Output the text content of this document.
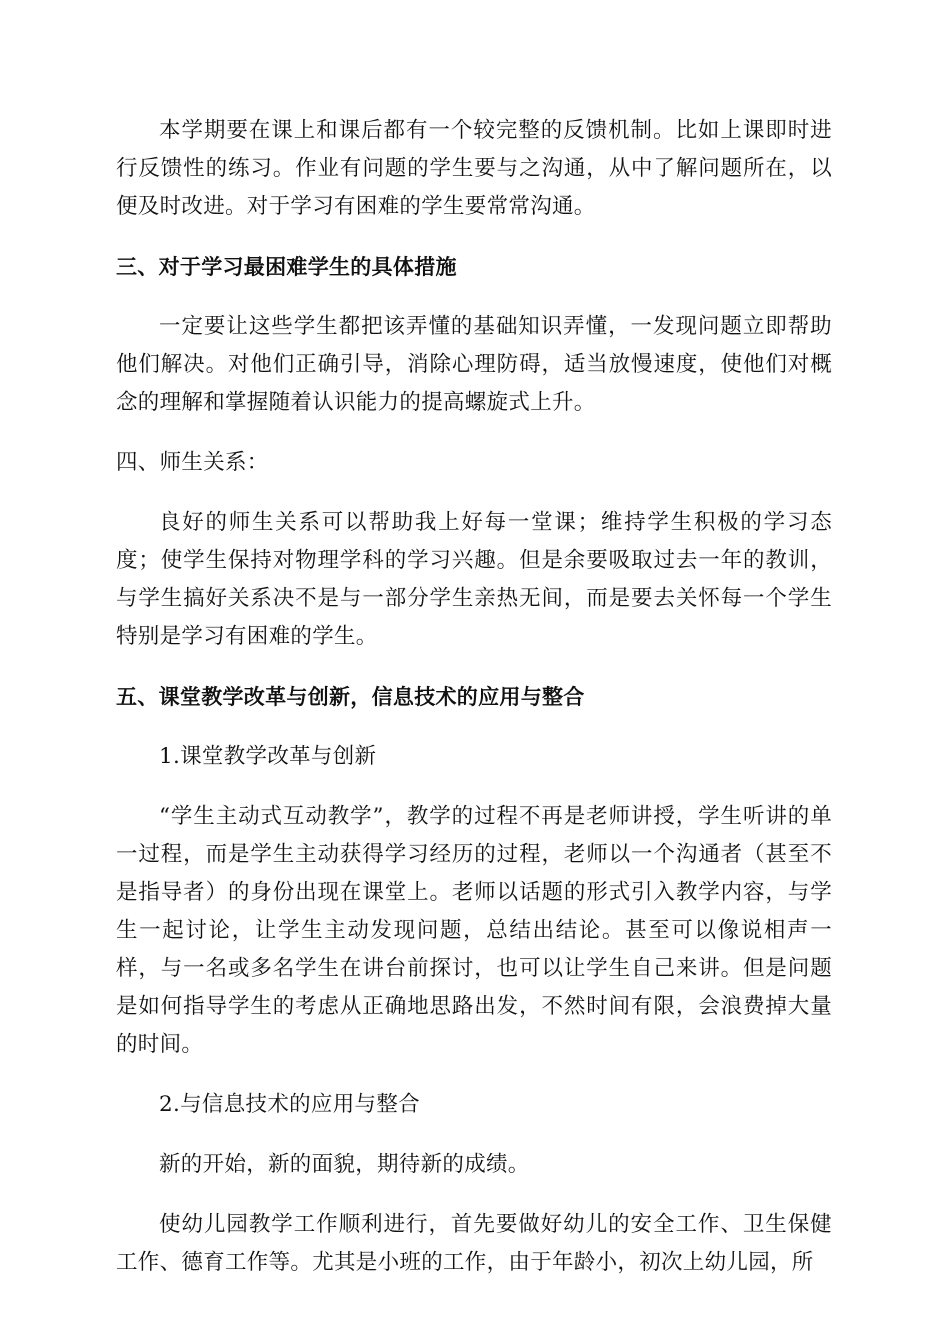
本学期要在课上和课后都有一个较完整的反馈机制。比如上课即时进行反馈性的练习。作业有问题的学生要与之沟通，从中了解问题所在，以便及时改进。对于学习有困难的学生要常常沟通。

三、对于学习最困难学生的具体措施

一定要让这些学生都把该弄懂的基础知识弄懂，一发现问题立即帮助他们解决。对他们正确引导，消除心理防碍，适当放慢速度，使他们对概念的理解和掌握随着认识能力的提高螺旋式上升。

四、师生关系：

良好的师生关系可以帮助我上好每一堂课；维持学生积极的学习态度；使学生保持对物理学科的学习兴趣。但是余要吸取过去一年的教训，与学生搞好关系决不是与一部分学生亲热无间，而是要去关怀每一个学生特别是学习有困难的学生。

五、课堂教学改革与创新，信息技术的应用与整合

1.课堂教学改革与创新

“学生主动式互动教学”，教学的过程不再是老师讲授，学生听讲的单一过程，而是学生主动获得学习经历的过程，老师以一个沟通者（甚至不是指导者）的身份出现在课堂上。老师以话题的形式引入教学内容，与学生一起讨论，让学生主动发现问题，总结出结论。甚至可以像说相声一样，与一名或多名学生在讲台前探讨，也可以让学生自己来讲。但是问题是如何指导学生的考虑从正确地思路出发，不然时间有限，会浪费掉大量的时间。

2.与信息技术的应用与整合

新的开始，新的面貌，期待新的成绩。

使幼儿园教学工作顺利进行，首先要做好幼儿的安全工作、卫生保健工作、德育工作等。尤其是小班的工作，由于年龄小，初次上幼儿园，所
